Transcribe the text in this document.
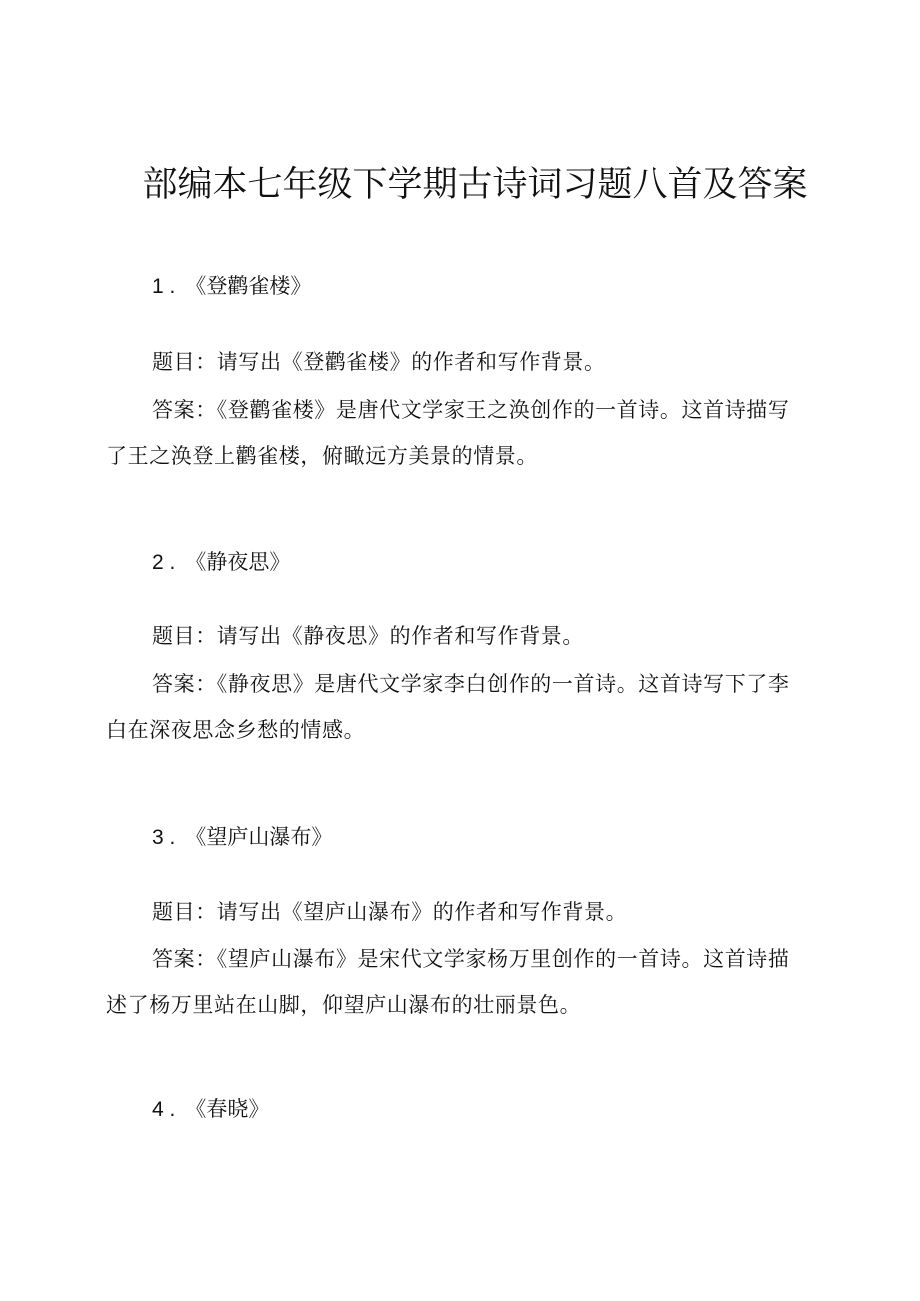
部编本七年级下学期古诗词习题八首及答案
1 . 《登鹳雀楼》
题目：请写出《登鹳雀楼》的作者和写作背景。
答案：《登鹳雀楼》是唐代文学家王之涣创作的一首诗。这首诗描写了王之涣登上鹳雀楼，俯瞰远方美景的情景。
2 . 《静夜思》
题目：请写出《静夜思》的作者和写作背景。
答案：《静夜思》是唐代文学家李白创作的一首诗。这首诗写下了李白在深夜思念乡愁的情感。
3 . 《望庐山瀑布》
题目：请写出《望庐山瀑布》的作者和写作背景。
答案：《望庐山瀑布》是宋代文学家杨万里创作的一首诗。这首诗描述了杨万里站在山脚，仰望庐山瀑布的壮丽景色。
4 . 《春晓》
